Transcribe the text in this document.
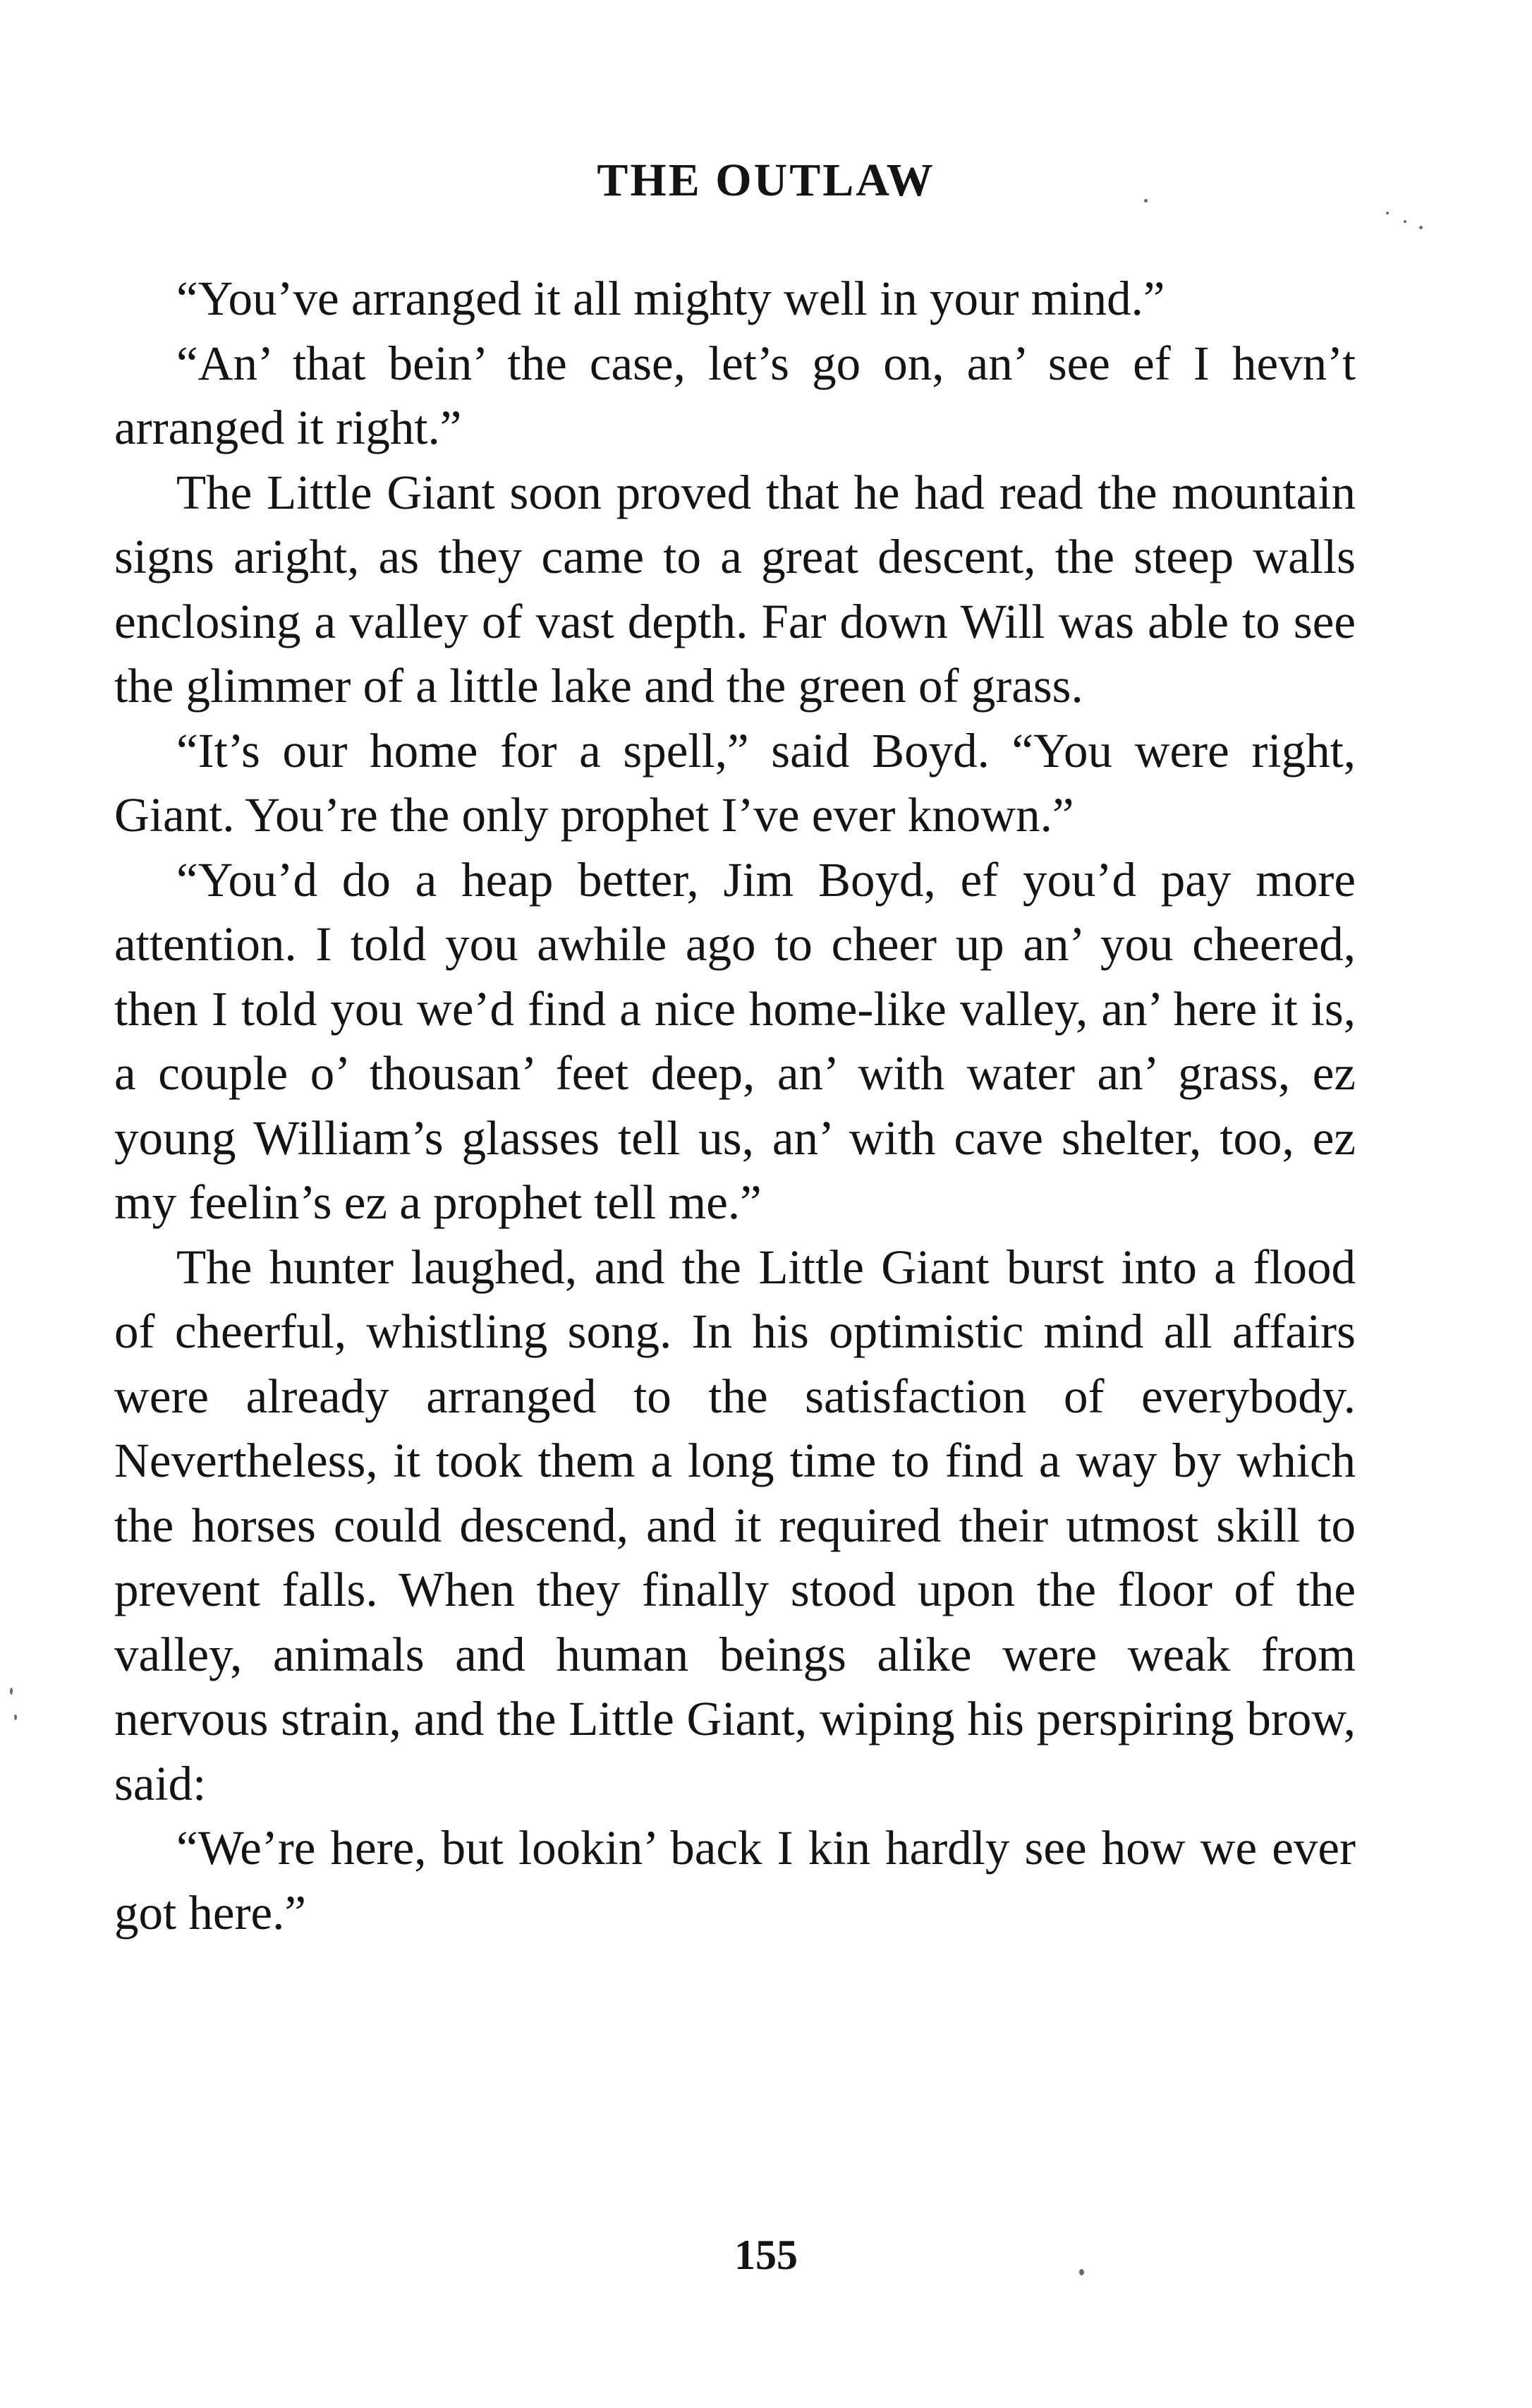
THE OUTLAW

“You’ve arranged it all mighty well in your mind.”

“An’ that bein’ the case, let’s go on, an’ see ef I hevn’t arranged it right.”

The Little Giant soon proved that he had read the mountain signs aright, as they came to a great descent, the steep walls enclosing a valley of vast depth. Far down Will was able to see the glimmer of a little lake and the green of grass.

“It’s our home for a spell,” said Boyd. “You were right, Giant. You’re the only prophet I’ve ever known.”

“You’d do a heap better, Jim Boyd, ef you’d pay more attention. I told you awhile ago to cheer up an’ you cheered, then I told you we’d find a nice home-like valley, an’ here it is, a couple o’ thousan’ feet deep, an’ with water an’ grass, ez young William’s glasses tell us, an’ with cave shelter, too, ez my feelin’s ez a prophet tell me.”

The hunter laughed, and the Little Giant burst into a flood of cheerful, whistling song. In his optimistic mind all affairs were already arranged to the satisfaction of everybody. Nevertheless, it took them a long time to find a way by which the horses could descend, and it required their utmost skill to prevent falls. When they finally stood upon the floor of the valley, animals and human beings alike were weak from nervous strain, and the Little Giant, wiping his perspiring brow, said:

“We’re here, but lookin’ back I kin hardly see how we ever got here.”

155
